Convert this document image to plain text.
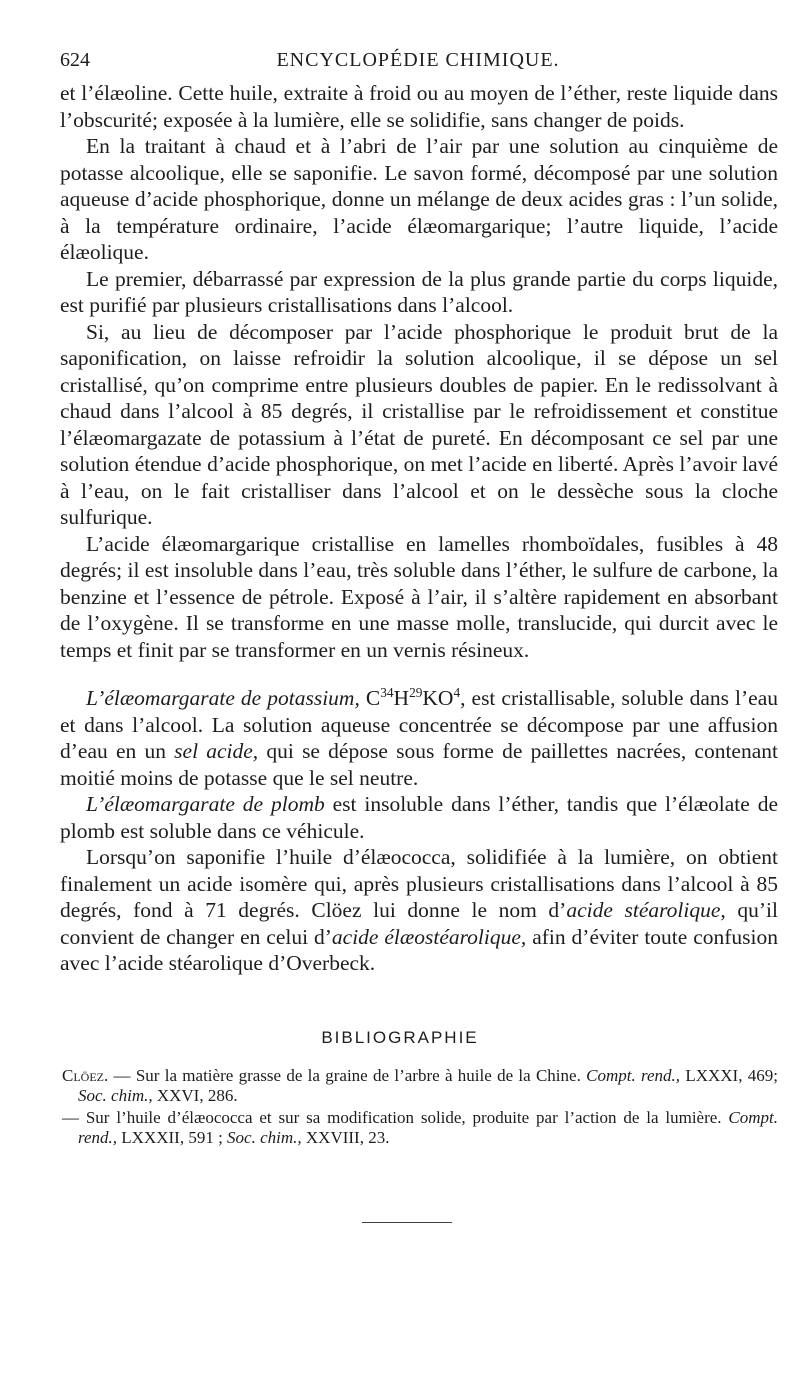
624	ENCYCLOPÉDIE CHIMIQUE.

et l’élæoline. Cette huile, extraite à froid ou au moyen de l’éther, reste liquide dans l’obscurité; exposée à la lumière, elle se solidifie, sans changer de poids.

En la traitant à chaud et à l’abri de l’air par une solution au cinquième de potasse alcoolique, elle se saponifie. Le savon formé, décomposé par une solution aqueuse d’acide phosphorique, donne un mélange de deux acides gras : l’un solide, à la température ordinaire, l’acide élæomargarique; l’autre liquide, l’acide élæolique.

Le premier, débarrassé par expression de la plus grande partie du corps liquide, est purifié par plusieurs cristallisations dans l’alcool.

Si, au lieu de décomposer par l’acide phosphorique le produit brut de la saponification, on laisse refroidir la solution alcoolique, il se dépose un sel cristallisé, qu’on comprime entre plusieurs doubles de papier. En le redissolvant à chaud dans l’alcool à 85 degrés, il cristallise par le refroidissement et constitue l’élæomargazate de potassium à l’état de pureté. En décomposant ce sel par une solution étendue d’acide phosphorique, on met l’acide en liberté. Après l’avoir lavé à l’eau, on le fait cristalliser dans l’alcool et on le dessèche sous la cloche sulfurique.

L’acide élæomargarique cristallise en lamelles rhomboïdales, fusibles à 48 degrés; il est insoluble dans l’eau, très soluble dans l’éther, le sulfure de carbone, la benzine et l’essence de pétrole. Exposé à l’air, il s’altère rapidement en absorbant de l’oxygène. Il se transforme en une masse molle, translucide, qui durcit avec le temps et finit par se transformer en un vernis résineux.

L’élæomargarate de potassium, $C^{34}H^{29}KO^4$, est cristallisable, soluble dans l’eau et dans l’alcool. La solution aqueuse concentrée se décompose par une affusion d’eau en un sel acide, qui se dépose sous forme de paillettes nacrées, contenant moitié moins de potasse que le sel neutre.

L’élæomargarate de plomb est insoluble dans l’éther, tandis que l’élæolate de plomb est soluble dans ce véhicule.

Lorsqu’on saponifie l’huile d’élæococca, solidifiée à la lumière, on obtient finalement un acide isomère qui, après plusieurs cristallisations dans l’alcool à 85 degrés, fond à 71 degrés. Clöez lui donne le nom d’acide stéarolique, qu’il convient de changer en celui d’acide élæostéarolique, afin d’éviter toute confusion avec l’acide stéarolique d’Overbeck.

BIBLIOGRAPHIE

Clöez. — Sur la matière grasse de la graine de l’arbre à huile de la Chine. Compt. rend., LXXXI, 469; Soc. chim., XXVI, 286.

— Sur l’huile d’élæococca et sur sa modification solide, produite par l’action de la lumière. Compt. rend., LXXXII, 591 ; Soc. chim., XXVIII, 23.
